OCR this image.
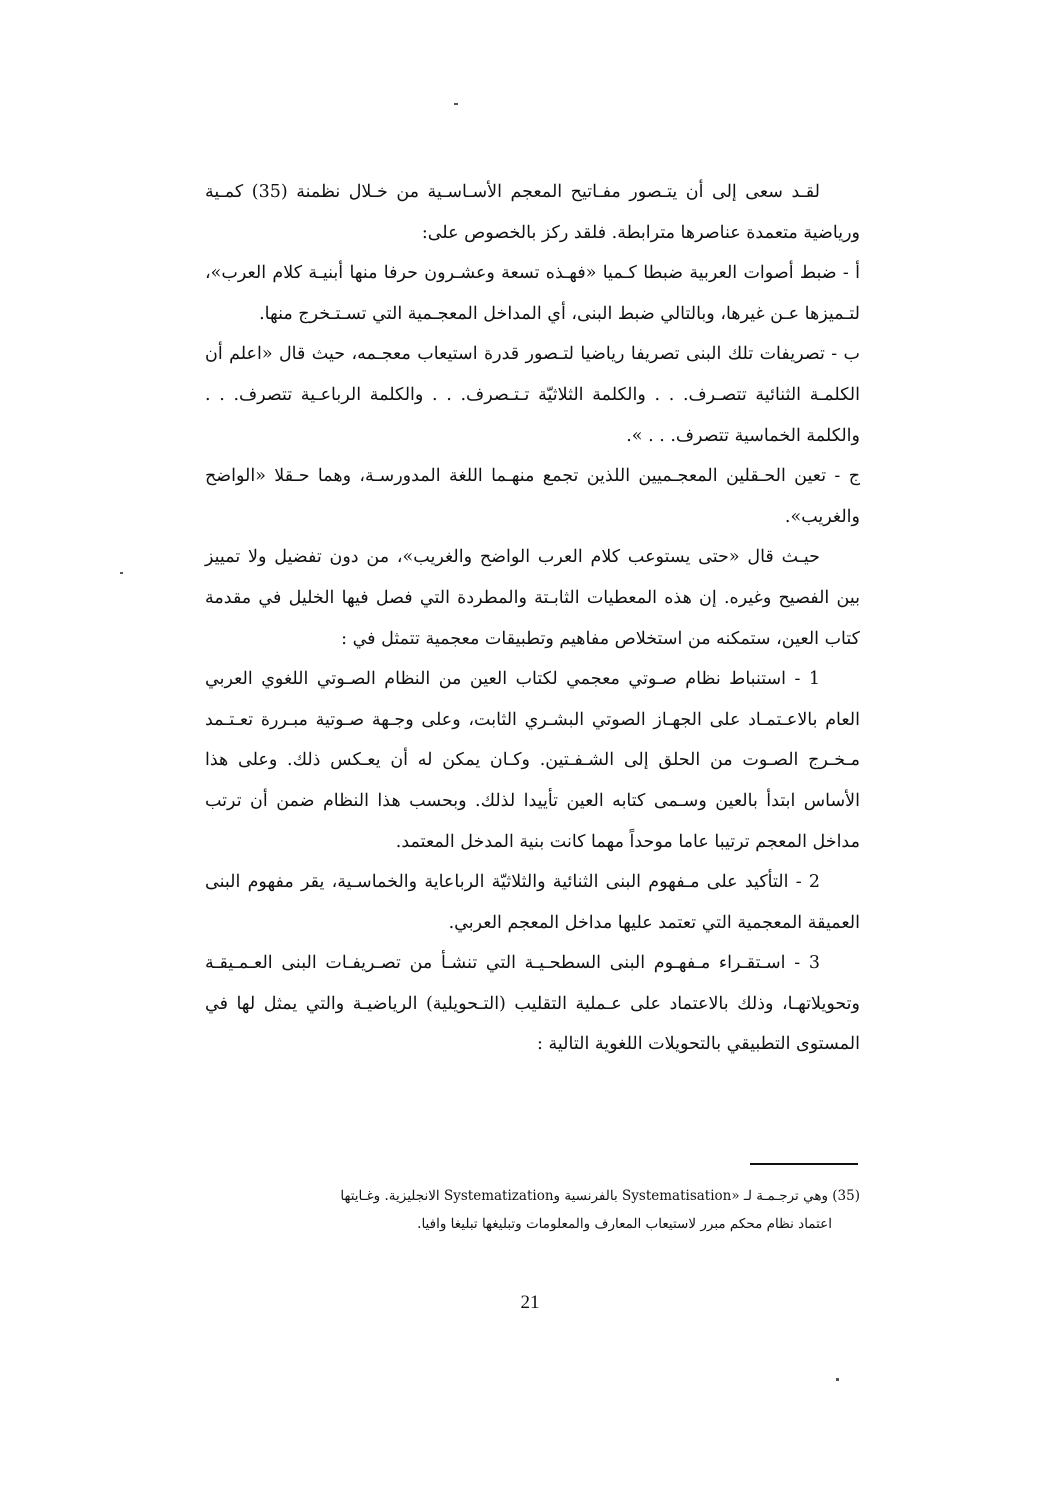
لقـد سعى إلى أن يتـصور مفـاتيح المعجم الأسـاسـية من خـلال نظمنة (35) كمـية ورياضية متعمدة عناصرها مترابطة. فلقد ركز بالخصوص على:

أ - ضبط أصوات العربية ضبطا كـميا «فهـذه تسعة وعشـرون حرفا منها أبنيـة كلام العرب»، لتـميزها عـن غيرها، وبالتالي ضبط البنى، أي المداخل المعجـمية التي تسـتـخرج منها.

ب - تصريفات تلك البنى تصريفا رياضيا لتـصور قدرة استيعاب معجـمه، حيث قال «اعلم أن الكلمـة الثنائية تتصـرف. . . والكلمة الثلاثيّة تـتـصرف. . . والكلمة الرباعـية تتصرف. . . والكلمة الخماسية تتصرف. . . ».

ج - تعين الحـقلين المعجـميين اللذين تجمع منهـما اللغة المدورسـة، وهما حـقلا «الواضح والغريب».

حيـث قال «حتى يستوعب كلام العرب الواضح والغريب»، من دون تفضيل ولا تمييز بين الفصيح وغيره. إن هذه المعطيات الثابـتة والمطردة التي فصل فيها الخليل في مقدمة كتاب العين، ستمكنه من استخلاص مفاهيم وتطبيقات معجمية تتمثل في :

1 - استنباط نظام صـوتي معجمي لكتاب العين من النظام الصـوتي اللغوي العربي العام بالاعـتمـاد على الجهـاز الصوتي البشـري الثابت، وعلى وجـهة صـوتية مبـررة تعـتـمد مـخـرج الصـوت من الحلق إلى الشـفـتين. وكـان يمكن له أن يعـكس ذلك. وعلى هذا الأساس ابتدأ بالعين وسـمى كتابه العين تأييدا لذلك. وبحسب هذا النظام ضمن أن ترتب مداخل المعجم ترتيبا عاما موحداً مهما كانت بنية المدخل المعتمد.

2 - التأكيد على مـفهوم البنى الثنائية والثلاثيّة الرباعاية والخماسـية، يقر مفهوم البنى العميقة المعجمية التي تعتمد عليها مداخل المعجم العربي.

3 - اسـتقـراء مـفهـوم البنى السطحـيـة التي تنشـأ من تصـريفـات البنى العـمـيقـة وتحويلاتهـا، وذلك بالاعتماد على عـملية التقليب (التـحويلية) الرياضيـة والتي يمثل لها في المستوى التطبيقي بالتحويلات اللغوية التالية :

(35) وهي ترجـمـة لـ «Systematisation بالفرنسية وSystematization الانجليزية. وغـايتها
اعتماد نظام محكم مبرر لاستيعاب المعارف والمعلومات وتبليغها تبليغا وافيا.
21
